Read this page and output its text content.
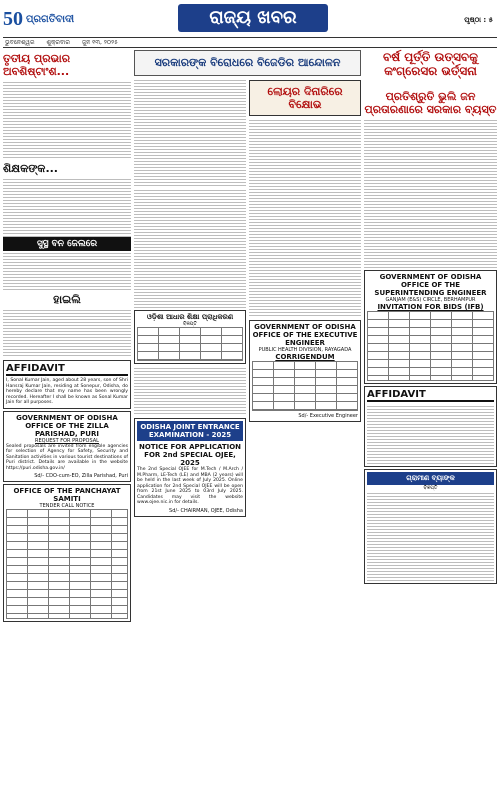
50 ପ୍ରଗତିବାଦୀ	ରାଜ୍ୟ ଖବର	ପୃଷ୍ଠା : ୫
ଭୁବନେଶ୍ୱର ଶୁକ୍ରବାର ଜୁନ ୧୩, ୨୦୨୫
ତୃତୀୟ ପ୍ରଭାର ଅବଶିଷ୍ଟାଂଶ...
ଶିକ୍ଷକଙ୍କ...
ସୁସ୍ଥ ବନ ଜେଲରେ
ହାଇଲି
AFFIDAVIT
I, Sonal Kumar Jain, aged about 28 years, son of Shri Hansraj Kumar Jain, residing at Sonepur, Odisha, do hereby declare that my name has been wrongly recorded. Hereafter I shall be known as Sonal Kumar Jain for all purposes.
GOVERNMENT OF ODISHA
OFFICE OF THE ZILLA PARISHAD, PURI
REQUEST FOR PROPOSAL
Sealed proposals are invited from eligible agencies for selection of Agency for Safety, Security and Sanitation activities in various tourist destinations of Puri district. Details are available in the website https://puri.odisha.gov.in/
Sd/- CDO-cum-EO, Zilla Parishad, Puri
OFFICE OF THE PANCHAYAT SAMITI
TENDER CALL NOTICE
ସରକାରଙ୍କ ବିରୋଧରେ ବିଜେଡିର ଆନ୍ଦୋଳନ
ଓଡ଼ିଶା ଆଧାର ଶିକ୍ଷା ପ୍ରାଧିକରଣ
ବିଜ୍ଞପ୍ତି
ODISHA JOINT ENTRANCE EXAMINATION - 2025
NOTICE FOR APPLICATION FOR 2nd SPECIAL OJEE, 2025
The 2nd Special OJEE for M.Tech / M.Arch / M.Pharm, LE-Tech (LE) and MBA (2 years) will be held in the last week of July 2025. Online application for 2nd Special OJEE will be open from 21st June 2025 to 03rd July 2025. Candidates may visit the website www.ojee.nic.in for details.
Sd/- CHAIRMAN, OJEE, Odisha
ଲୋୟର ଦିନାରିରେ ବିକ୍ଷୋଭ
GOVERNMENT OF ODISHA
OFFICE OF THE EXECUTIVE ENGINEER
PUBLIC HEALTH DIVISION, RAYAGADA
CORRIGENDUM
Sd/- Executive Engineer
ବର୍ଷ ପୂର୍ତ୍ତି ଉତ୍ସବକୁ କଂଗ୍ରେସର ଭର୍ତ୍ସନା
ପ୍ରତିଶ୍ରୁତି ଭୁଲି ଜନ ପ୍ରତାରଣାରେ ସରକାର ବ୍ୟସ୍ତ
GOVERNMENT OF ODISHA
OFFICE OF THE SUPERINTENDING ENGINEER
GANJAM (E&S) CIRCLE, BERHAMPUR
INVITATION FOR BIDS (IFB)
AFFIDAVIT
ଗ୍ରାମୀଣ ବ୍ୟାଙ୍କ
ବିଜ୍ଞପ୍ତି
